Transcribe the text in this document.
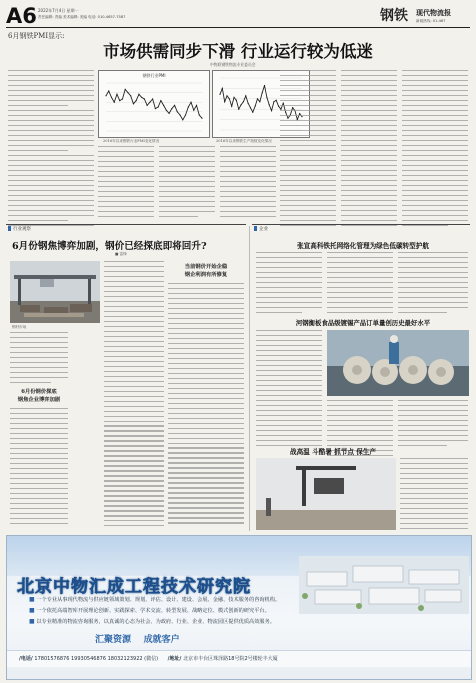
A6 2022年7月4日 星期一
责任编辑: 责编 美术编辑: 美编 电话: 010-4657-7587	钢铁 现代物流报
新闻热线: 01-467
6月钢铁PMI显示:
市场供需同步下滑 行业运行较为低迷
中物联钢铁物流专业委员会
钢铁行业PMI
2016年以来钢铁行业PMI变化情况	2016年以来钢铁生产指数变化情况
行业观察	企业
6月份钢焦博弈加剧，钢价已经探底即将回升?
■ 雷锋
钢材市场
6月份钢价探底
钢焦企业博弈加剧
当前钢价开始企稳
钢企利润有所修复
张宣高科铁托网络化管理为绿色低碳转型护航
河钢衡板食品级镀锡产品订单量创历史最好水平
战高温 斗酷暑 抓节点 保生产
北京中物汇成工程技术研究院
■ 一个专业从事现代物流与供应链领域策划、规划、评估、设计、建设、会展、金融、技术服务的咨询机构。
■ 一个依托高端智库开展理论创新、实践探索、学术交流、转型发展、战略定位、模式创新的研究平台。
■ 以专业精准的物流咨询服务，以真诚的心态为社会、为政府、行业、企业、物流园区提供优质高效服务。
汇聚资源 成就客户
/电话/ 17801576876 19930546876 18032123922 (微信) /地址/ 北京市丰台区珠泽路18号院2号楼轮丰大厦
